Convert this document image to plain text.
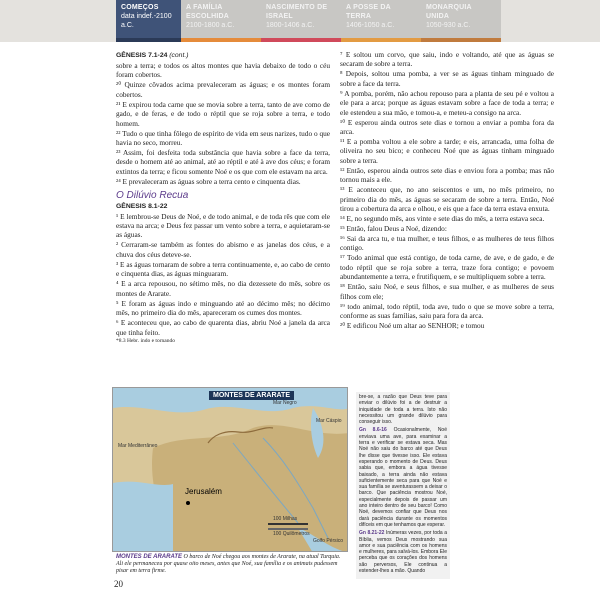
COMEÇOS
data indef.-2100 a.C.
A FAMÍLIA ESCOLHIDA
2100-1800 a.C.
NASCIMENTO DE ISRAEL
1800-1406 a.C.
A POSSE DA TERRA
1406-1050 a.C.
MONARQUIA UNIDA
1050-930 a.C.

GÊNESIS 7.1-24 (cont.)

sobre a terra; e todos os altos montes que havia debaixo de todo o céu foram cobertos.

²⁰ Quinze côvados acima prevaleceram as águas; e os montes foram cobertos.

²¹ E expirou toda carne que se movia sobre a terra, tanto de ave como de gado, e de feras, e de todo o réptil que se roja sobre a terra, e todo homem.

²² Tudo o que tinha fôlego de espírito de vida em seus narizes, tudo o que havia no seco, morreu.

²³ Assim, foi desfeita toda substância que havia sobre a face da terra, desde o homem até ao animal, até ao réptil e até à ave dos céus; e foram extintos da terra; e ficou somente Noé e os que com ele estavam na arca.

²⁴ E prevaleceram as águas sobre a terra cento e cinquenta dias.

O Dilúvio Recua

GÊNESIS 8.1-22

¹ E lembrou-se Deus de Noé, e de todo animal, e de toda rês que com ele estava na arca; e Deus fez passar um vento sobre a terra, e aquietaram-se as águas.

² Cerraram-se também as fontes do abismo e as janelas dos céus, e a chuva dos céus deteve-se.

³ E as águas tornaram de sobre a terra continuamente, e, ao cabo de cento e cinquenta dias, as águas minguaram.

⁴ E a arca repousou, no sétimo mês, no dia dezessete do mês, sobre os montes de Ararate.

⁵ E foram as águas indo e minguando até ao décimo mês; no décimo mês, no primeiro dia do mês, apareceram os cumes dos montes.

⁶ E aconteceu que, ao cabo de quarenta dias, abriu Noé a janela da arca que tinha feito.

*8.3 Hebr. indo e tornando

⁷ E soltou um corvo, que saiu, indo e voltando, até que as águas se secaram de sobre a terra.

⁸ Depois, soltou uma pomba, a ver se as águas tinham minguado de sobre a face da terra.

⁹ A pomba, porém, não achou repouso para a planta de seu pé e voltou a ele para a arca; porque as águas estavam sobre a face de toda a terra; e ele estendeu a sua mão, e tomou-a, e meteu-a consigo na arca.

¹⁰ E esperou ainda outros sete dias e tornou a enviar a pomba fora da arca.

¹¹ E a pomba voltou a ele sobre a tarde; e eis, arrancada, uma folha de oliveira no seu bico; e conheceu Noé que as águas tinham minguado sobre a terra.

¹² Então, esperou ainda outros sete dias e enviou fora a pomba; mas não tornou mais a ele.

¹³ E aconteceu que, no ano seiscentos e um, no mês primeiro, no primeiro dia do mês, as águas se secaram de sobre a terra. Então, Noé tirou a cobertura da arca e olhou, e eis que a face da terra estava enxuta.

¹⁴ E, no segundo mês, aos vinte e sete dias do mês, a terra estava seca.

¹⁵ Então, falou Deus a Noé, dizendo:

¹⁶ Sai da arca tu, e tua mulher, e teus filhos, e as mulheres de teus filhos contigo.

¹⁷ Todo animal que está contigo, de toda carne, de ave, e de gado, e de todo réptil que se roja sobre a terra, traze fora contigo; e povoem abundantemente a terra, e frutifiquem, e se multipliquem sobre a terra.

¹⁸ Então, saiu Noé, e seus filhos, e sua mulher, e as mulheres de seus filhos com ele;

¹⁹ todo animal, todo réptil, toda ave, tudo o que se move sobre a terra, conforme as suas famílias, saiu para fora da arca.

²⁰ E edificou Noé um altar ao SENHOR; e tomou

MONTES DE ARARATE
Mar Mediterrâneo
Mar Negro
Mar Cáspio
Golfo Pérsico
Jerusalém
100 Milhas
100 Quilômetros
MONTES DE ARARATE O barco de Noé chegou aos montes de Ararate, na atual Turquia. Ali ele permaneceu por quase oito meses, antes que Noé, sua família e os animais pudessem pisar em terra firme.

bre-se, a razão que Deus teve para enviar o dilúvio foi a de destruir a iniquidade de toda a terra. Isto não necessitou um grande dilúvio para conseguir isso.

Gn 8.6-16 Ocasionalmente, Noé enviava uma ave, para examinar a terra e verificar se estava seca. Mas Noé não saiu do barco até que Deus lhe disse que tivesse isso. Ele estava esperando o momento de Deus. Deus sabia que, embora a água tivesse baixado, a terra ainda não estava suficientemente seca para que Noé e sua família se aventurassem a deixar o barco. Que paciência mostrou Noé, especialmente depois de passar um ano inteiro dentro de seu barco! Como Noé, devemos confiar que Deus nos dará paciência durante os momentos difíceis em que tenhamos que esperar.

Gn 8.21-22 Inúmeras vezes, por toda a Bíblia, vemos Deus mostrando sua amor e sua paciência com os homens e mulheres, para salvá-los. Embora Ele perceba que os corações dos homens são perversos, Ele continua a estender-lhes a mão. Quando

20
